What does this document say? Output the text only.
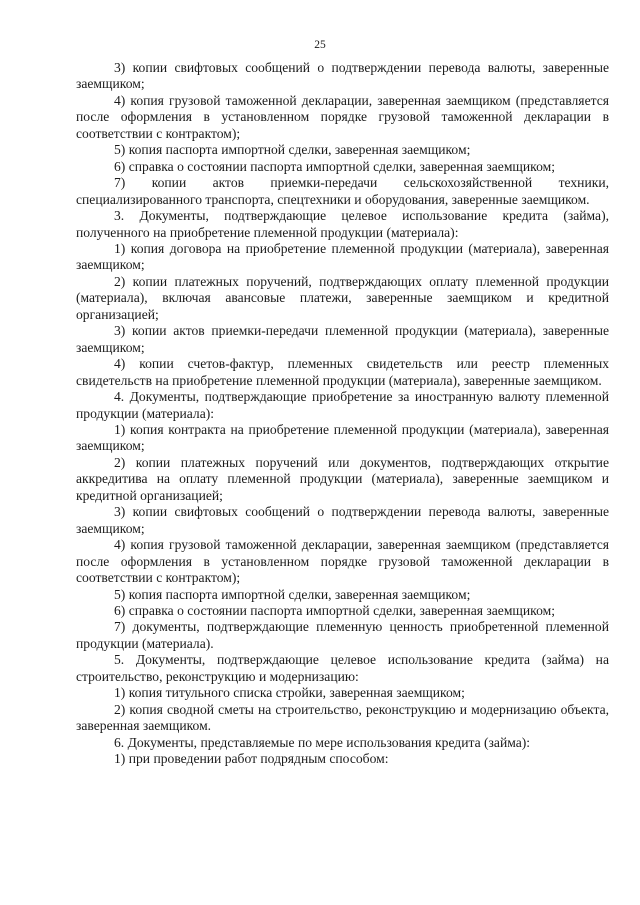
25

3) копии свифтовых сообщений о подтверждении перевода валюты, заверенные заемщиком;

4) копия грузовой таможенной декларации, заверенная заемщиком (представляется после оформления в установленном порядке грузовой таможенной декларации в соответствии с контрактом);

5) копия паспорта импортной сделки, заверенная заемщиком;

6) справка о состоянии паспорта импортной сделки, заверенная заемщиком;

7) копии актов приемки-передачи сельскохозяйственной техники, специализированного транспорта, спецтехники и оборудования, заверенные заемщиком.

3. Документы, подтверждающие целевое использование кредита (займа), полученного на приобретение племенной продукции (материала):

1) копия договора на приобретение племенной продукции (материала), заверенная заемщиком;

2) копии платежных поручений, подтверждающих оплату племенной продукции (материала), включая авансовые платежи, заверенные заемщиком и кредитной организацией;

3) копии актов приемки-передачи племенной продукции (материала), заверенные заемщиком;

4) копии счетов-фактур, племенных свидетельств или реестр племенных свидетельств на приобретение племенной продукции (материала), заверенные заемщиком.

4. Документы, подтверждающие приобретение за иностранную валюту племенной продукции (материала):

1) копия контракта на приобретение племенной продукции (материала), заверенная заемщиком;

2) копии платежных поручений или документов, подтверждающих открытие аккредитива на оплату племенной продукции (материала), заверенные заемщиком и кредитной организацией;

3) копии свифтовых сообщений о подтверждении перевода валюты, заверенные заемщиком;

4) копия грузовой таможенной декларации, заверенная заемщиком (представляется после оформления в установленном порядке грузовой таможенной декларации в соответствии с контрактом);

5) копия паспорта импортной сделки, заверенная заемщиком;

6) справка о состоянии паспорта импортной сделки, заверенная заемщиком;

7) документы, подтверждающие племенную ценность приобретенной племенной продукции (материала).

5. Документы, подтверждающие целевое использование кредита (займа) на строительство, реконструкцию и модернизацию:

1) копия титульного списка стройки, заверенная заемщиком;

2) копия сводной сметы на строительство, реконструкцию и модернизацию объекта, заверенная заемщиком.

6. Документы, представляемые по мере использования кредита (займа):

1) при проведении работ подрядным способом:
